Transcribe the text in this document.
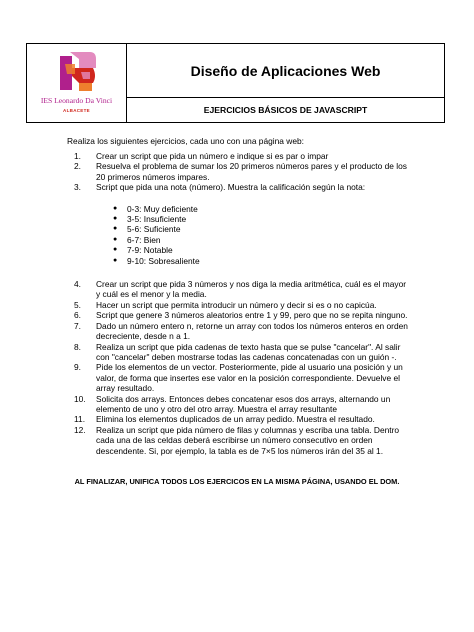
IES Leonardo Da Vinci
ALBACETE
	Diseño de Aplicaciones Web
EJERCICIOS BÁSICOS DE JAVASCRIPT
Realiza los siguientes ejercicios, cada uno con una página web:
1. Crear un script que pida un número e indique si es par o impar
2. Resuelva el problema de sumar los 20 primeros números pares y el producto de los 20 primeros números impares.
3. Script que pida una nota (número). Muestra la calificación según la nota:
● 0-3: Muy deficiente
● 3-5: Insuficiente
● 5-6: Suficiente
● 6-7: Bien
● 7-9: Notable
● 9-10: Sobresaliente
4. Crear un script que pida 3 números y nos diga la media aritmética, cuál es el mayor y cuál es el menor y la media.
5. Hacer un script que permita introducir un número y decir si es o no capicúa.
6. Script que genere 3 números aleatorios entre 1 y 99, pero que no se repita ninguno.
7. Dado un número entero n, retorne un array con todos los números enteros en orden decreciente, desde n a 1.
8. Realiza un script que pida cadenas de texto hasta que se pulse "cancelar". Al salir con "cancelar" deben mostrarse todas las cadenas concatenadas con un guión -.
9. Pide los elementos de un vector. Posteriormente, pide al usuario una posición y un valor, de forma que insertes ese valor en la posición correspondiente. Devuelve el array resultado.
10. Solicita dos arrays. Entonces debes concatenar esos dos arrays, alternando un elemento de uno y otro del otro array. Muestra el array resultante
11. Elimina los elementos duplicados de un array pedido. Muestra el resultado.
12. Realiza un script que pida número de filas y columnas y escriba una tabla. Dentro cada una de las celdas deberá escribirse un número consecutivo en orden descendente. Si, por ejemplo, la tabla es de 7×5 los números irán del 35 al 1.
AL FINALIZAR, UNIFICA TODOS LOS EJERCICOS EN LA MISMA PÁGINA, USANDO EL DOM.
